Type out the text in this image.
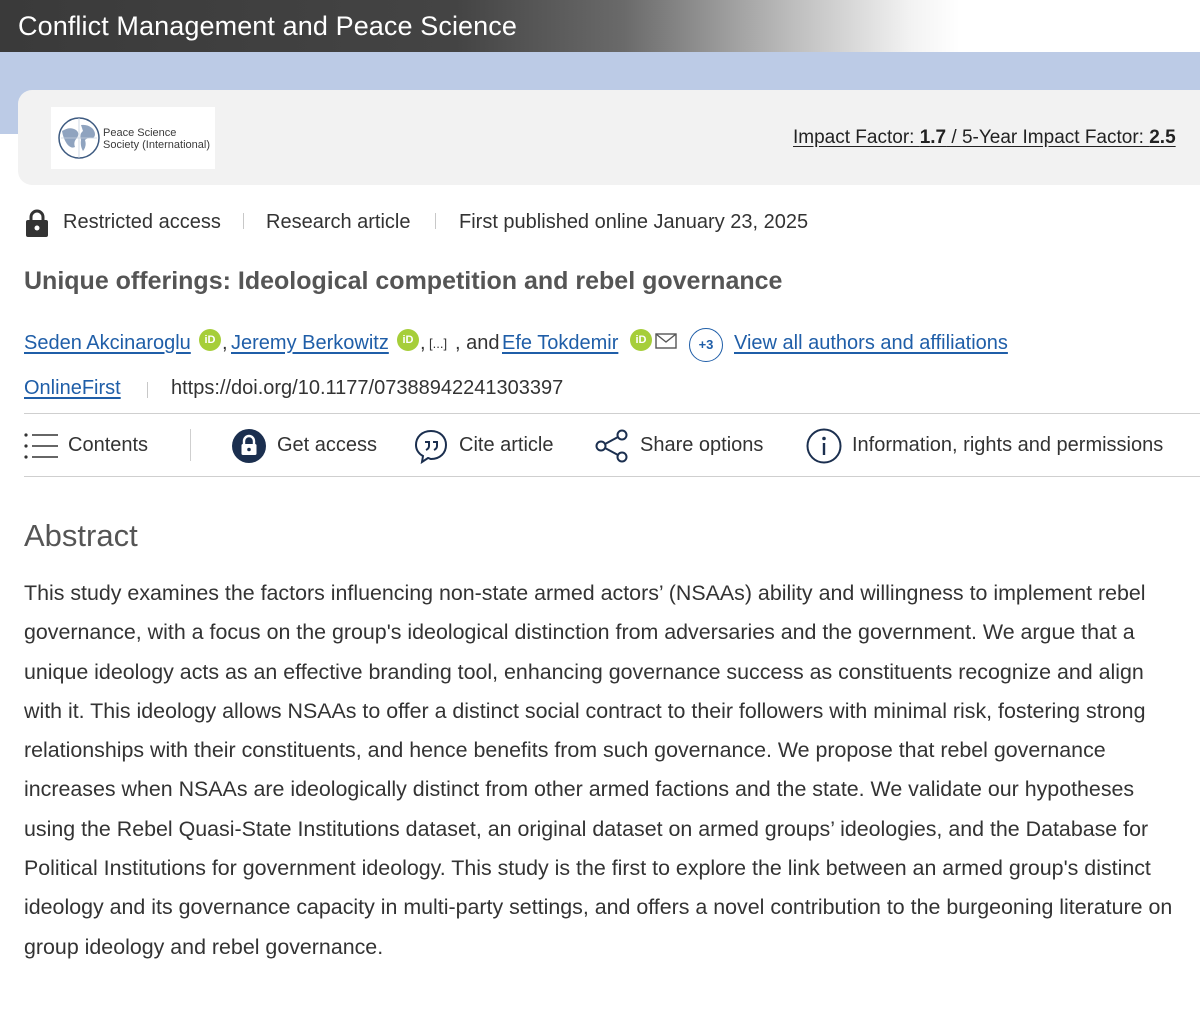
Conflict Management and Peace Science
Peace Science
Society (International)	Impact Factor: 1.7 / 5-Year Impact Factor: 2.5
Restricted access Research article First published online January 23, 2025
Unique offerings: Ideological competition and rebel governance
Seden Akcinaroglu	iD , Jeremy Berkowitz	iD , [...] , and Efe Tokdemir	iD	+3	View all authors and affiliations
OnlineFirst	https://doi.org/10.1177/07388942241303397
Contents	Get access	Cite article	Share options	Information, rights and permissions
Abstract
This study examines the factors influencing non-state armed actors’ (NSAAs) ability and willingness to implement rebel governance, with a focus on the group's ideological distinction from adversaries and the government. We argue that a unique ideology acts as an effective branding tool, enhancing governance success as constituents recognize and align with it. This ideology allows NSAAs to offer a distinct social contract to their followers with minimal risk, fostering strong relationships with their constituents, and hence benefits from such governance. We propose that rebel governance increases when NSAAs are ideologically distinct from other armed factions and the state. We validate our hypotheses using the Rebel Quasi-State Institutions dataset, an original dataset on armed groups’ ideologies, and the Database for Political Institutions for government ideology. This study is the first to explore the link between an armed group's distinct ideology and its governance capacity in multi-party settings, and offers a novel contribution to the burgeoning literature on group ideology and rebel governance.
